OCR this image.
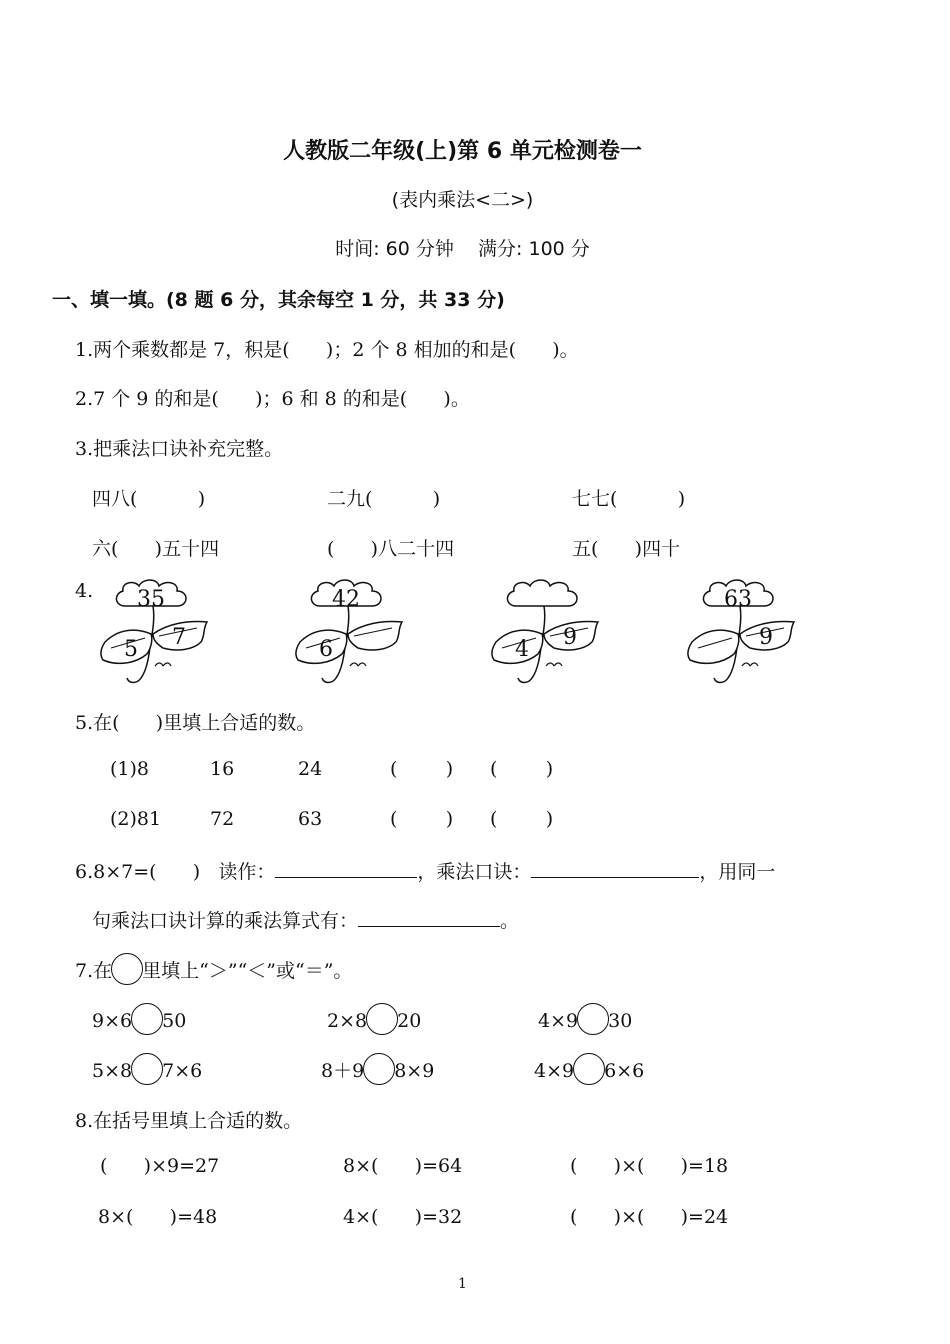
人教版二年级(上)第 6 单元检测卷一
(表内乘法<二>)
时间: 60 分钟    满分: 100 分
一、填一填。(8 题 6 分，其余每空 1 分，共 33 分)
1.两个乘数都是 7，积是(      )；2 个 8 相加的和是(      )。
2.7 个 9 的和是(      )；6 和 8 的和是(      )。
3.把乘法口诀补充完整。
四八(          )	二九(          )	七七(          )
六(      )五十四	(      )八二十四	五(      )四十
4. 35
5 7
42
6	4 9
63
9
5.在(      )里填上合适的数。
(1)8	16	24	(        ) (        )
(2)81	72	63	(        ) (        )
6.8×7=(      )   读作：	，乘法口诀：	，用同一
句乘法口诀计算的乘法算式有：	。
7.在 里填上“＞”“＜”或“＝”。
9×6 50	2×8 20	4×9 30
5×8 7×6	8＋9 8×9	4×9 6×6
8.在括号里填上合适的数。
(      )×9=27	8×(      )=64	(      )×(      )=18
8×(      )=48	4×(      )=32	(      )×(      )=24
1
